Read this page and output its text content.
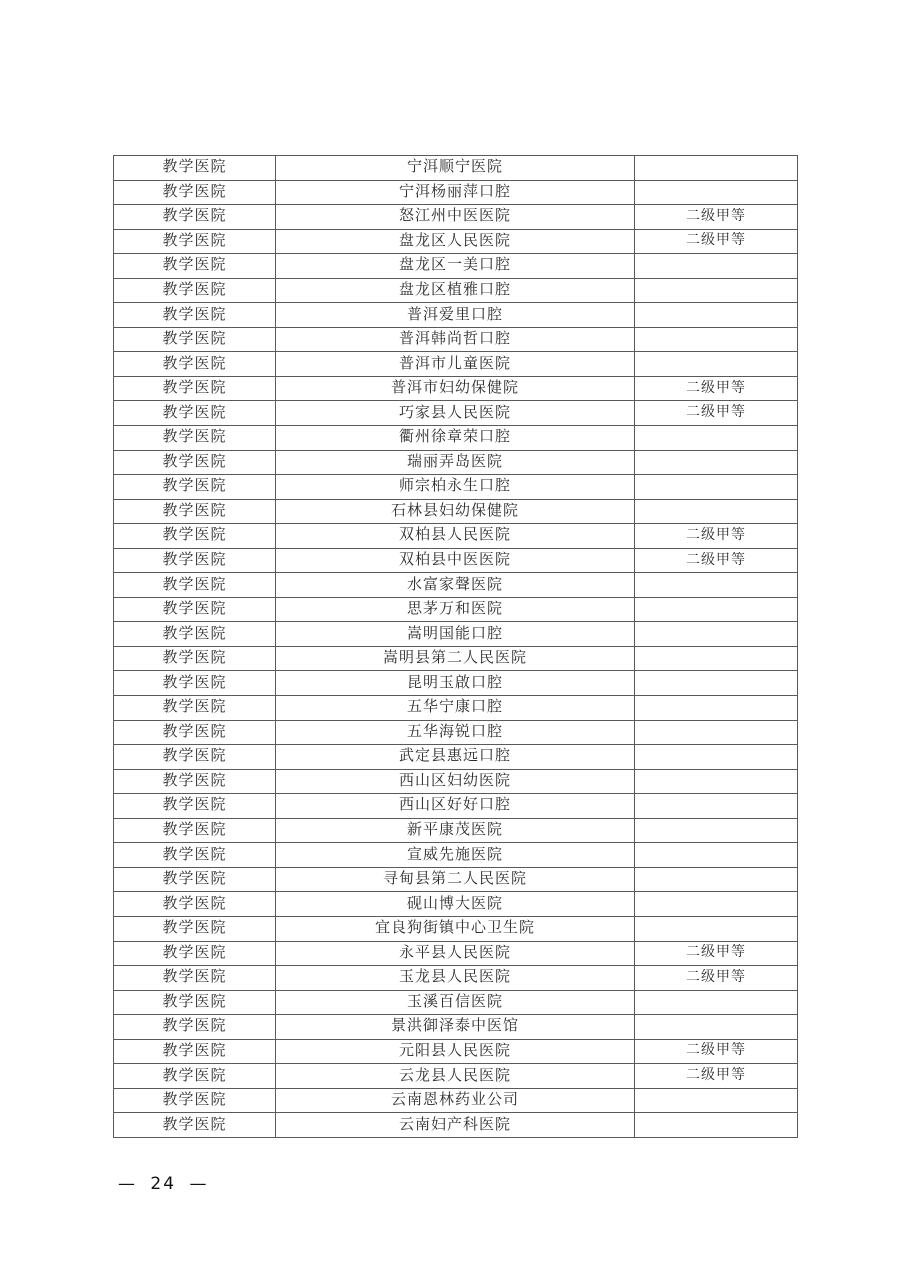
教学医院	宁洱顺宁医院	
教学医院	宁洱杨丽萍口腔	
教学医院	怒江州中医医院	二级甲等
教学医院	盘龙区人民医院	二级甲等
教学医院	盘龙区一美口腔	
教学医院	盘龙区植雅口腔	
教学医院	普洱爱里口腔	
教学医院	普洱韩尚哲口腔	
教学医院	普洱市儿童医院	
教学医院	普洱市妇幼保健院	二级甲等
教学医院	巧家县人民医院	二级甲等
教学医院	衢州徐章荣口腔	
教学医院	瑞丽弄岛医院	
教学医院	师宗柏永生口腔	
教学医院	石林县妇幼保健院	
教学医院	双柏县人民医院	二级甲等
教学医院	双柏县中医医院	二级甲等
教学医院	水富家聲医院	
教学医院	思茅万和医院	
教学医院	嵩明国能口腔	
教学医院	嵩明县第二人民医院	
教学医院	昆明玉啟口腔	
教学医院	五华宁康口腔	
教学医院	五华海锐口腔	
教学医院	武定县惠远口腔	
教学医院	西山区妇幼医院	
教学医院	西山区好好口腔	
教学医院	新平康茂医院	
教学医院	宣威先施医院	
教学医院	寻甸县第二人民医院	
教学医院	砚山博大医院	
教学医院	宜良狗街镇中心卫生院	
教学医院	永平县人民医院	二级甲等
教学医院	玉龙县人民医院	二级甲等
教学医院	玉溪百信医院	
教学医院	景洪御泽泰中医馆	
教学医院	元阳县人民医院	二级甲等
教学医院	云龙县人民医院	二级甲等
教学医院	云南恩林药业公司	
教学医院	云南妇产科医院	
— 24 —
